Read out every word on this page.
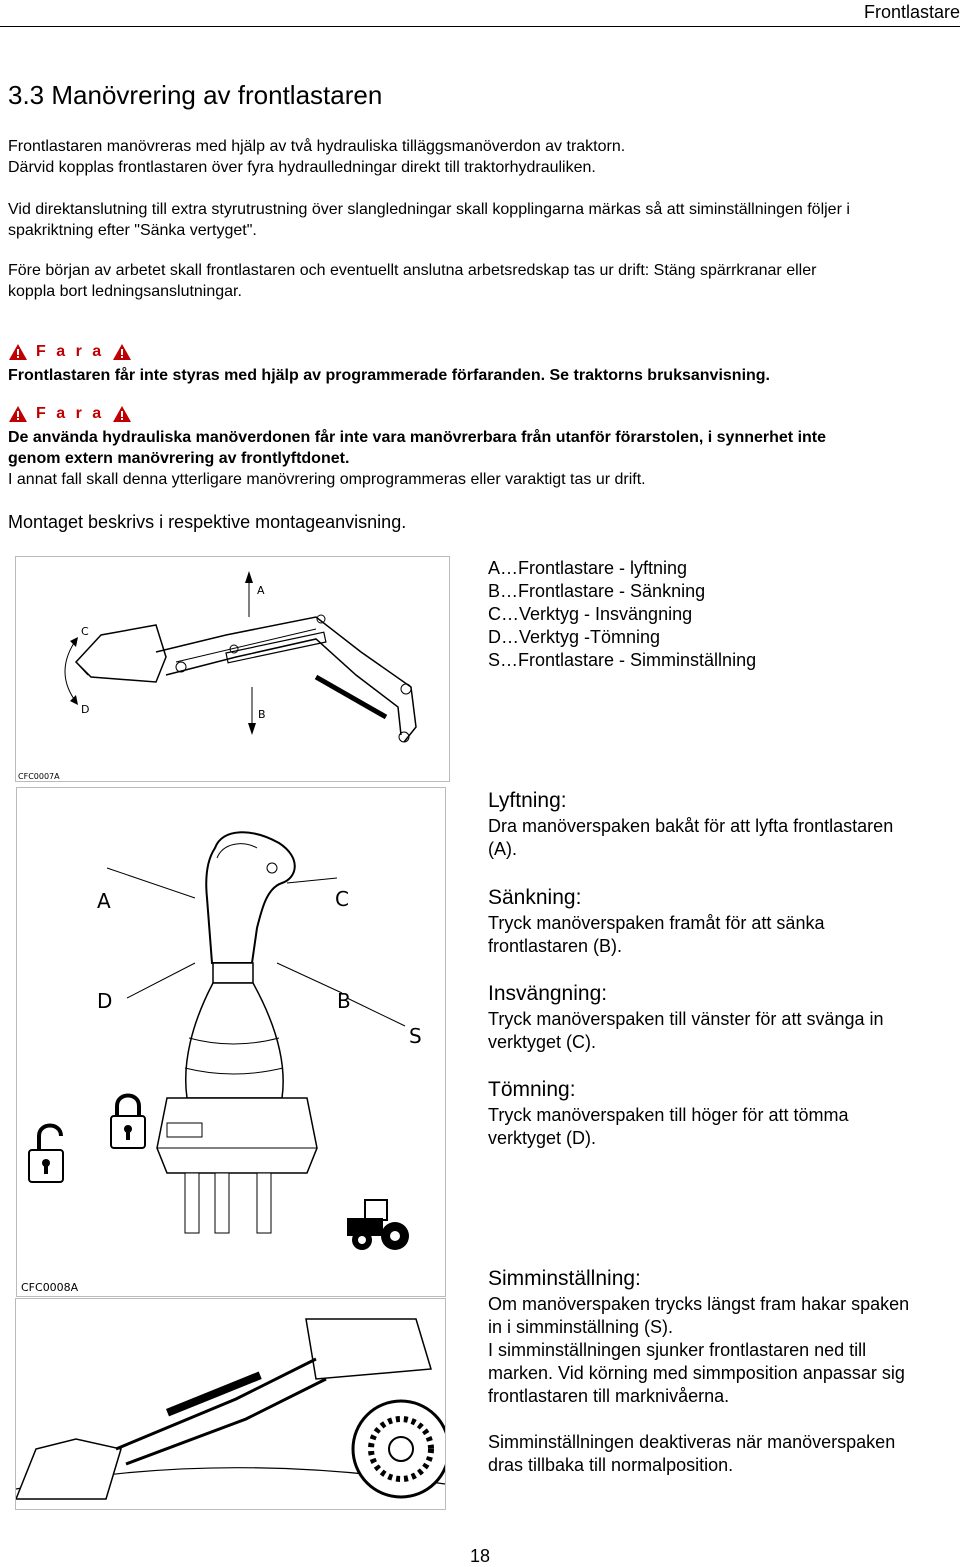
Frontlastare
3.3 Manövrering av frontlastaren
Frontlastaren manövreras med hjälp av två hydrauliska tilläggsmanöverdon av traktorn.
Därvid kopplas frontlastaren över fyra hydraulledningar direkt till traktorhydrauliken.
Vid direktanslutning till extra styrutrustning över slangledningar skall kopplingarna märkas så att siminställningen följer i
spakriktning efter "Sänka vertyget".
Före början av arbetet skall frontlastaren och eventuellt anslutna arbetsredskap tas ur drift: Stäng spärrkranar eller
koppla bort ledningsanslutningar.
F a r a
Frontlastaren får inte styras med hjälp av programmerade förfaranden. Se traktorns bruksanvisning.
F a r a
De använda hydrauliska manöverdonen får inte vara manövrerbara från utanför förarstolen, i synnerhet inte
genom extern manövrering av frontlyftdonet.
I annat fall skall denna ytterligare manövrering omprogrammeras eller varaktigt tas ur drift.
Montaget beskrivs i respektive montageanvisning.
A
B
C
D
CFC0007A
A…Frontlastare - lyftning
B…Frontlastare - Sänkning
C…Verktyg - Insvängning
D…Verktyg -Tömning
S…Frontlastare - Simminställning
A	C
D	B
S
CFC0008A
Lyftning:
Dra manöverspaken bakåt för att lyfta frontlastaren
(A).
Sänkning:
Tryck manöverspaken framåt för att sänka
frontlastaren (B).
Insvängning:
Tryck manöverspaken till vänster för att svänga in
verktyget (C).
Tömning:
Tryck manöverspaken till höger för att tömma
verktyget (D).
Simminställning:
Om manöverspaken trycks längst fram hakar spaken
in i simminställning (S).
I simminställningen sjunker frontlastaren ned till
marken. Vid körning med simmposition anpassar sig
frontlastaren till marknivåerna.
Simminställningen deaktiveras när manöverspaken
dras tillbaka till normalposition.
18
